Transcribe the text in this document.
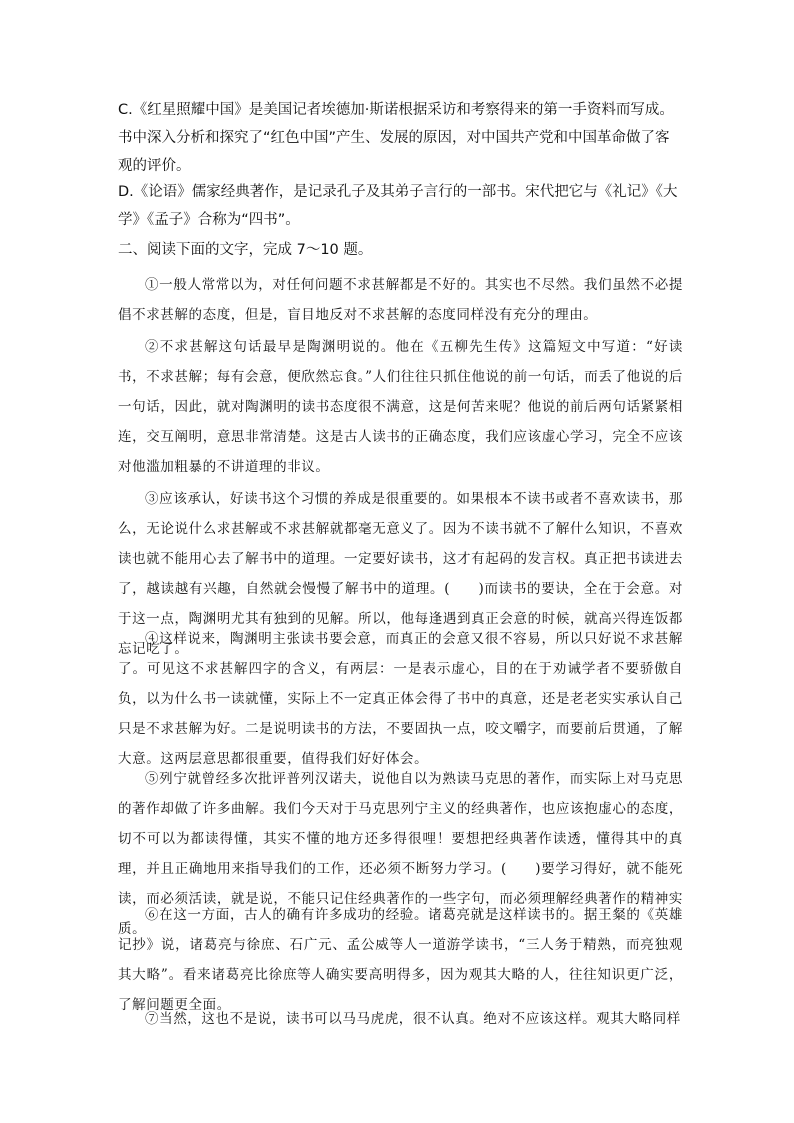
C.《红星照耀中国》是美国记者埃德加·斯诺根据采访和考察得来的第一手资料而写成。书中深入分析和探究了“红色中国”产生、发展的原因，对中国共产党和中国革命做了客观的评价。
D.《论语》儒家经典著作，是记录孔子及其弟子言行的一部书。宋代把它与《礼记》《大学》《孟子》合称为“四书”。
二、阅读下面的文字，完成 7～10 题。
①一般人常常以为，对任何问题不求甚解都是不好的。其实也不尽然。我们虽然不必提倡不求甚解的态度，但是，盲目地反对不求甚解的态度同样没有充分的理由。
②不求甚解这句话最早是陶渊明说的。他在《五柳先生传》这篇短文中写道：“好读书，不求甚解；每有会意，便欣然忘食。”人们往往只抓住他说的前一句话，而丢了他说的后一句话，因此，就对陶渊明的读书态度很不满意，这是何苦来呢？他说的前后两句话紧紧相连，交互阐明，意思非常清楚。这是古人读书的正确态度，我们应该虚心学习，完全不应该对他滥加粗暴的不讲道理的非议。
③应该承认，好读书这个习惯的养成是很重要的。如果根本不读书或者不喜欢读书，那么，无论说什么求甚解或不求甚解就都毫无意义了。因为不读书就不了解什么知识，不喜欢读也就不能用心去了解书中的道理。一定要好读书，这才有起码的发言权。真正把书读进去了，越读越有兴趣，自然就会慢慢了解书中的道理。(　　)而读书的要诀，全在于会意。对于这一点，陶渊明尤其有独到的见解。所以，他每逢遇到真正会意的时候，就高兴得连饭都忘记吃了。
④这样说来，陶渊明主张读书要会意，而真正的会意又很不容易，所以只好说不求甚解了。可见这不求甚解四字的含义，有两层：一是表示虚心，目的在于劝诫学者不要骄傲自负，以为什么书一读就懂，实际上不一定真正体会得了书中的真意，还是老老实实承认自己只是不求甚解为好。二是说明读书的方法，不要固执一点，咬文嚼字，而要前后贯通，了解大意。这两层意思都很重要，值得我们好好体会。
⑤列宁就曾经多次批评普列汉诺夫，说他自以为熟读马克思的著作，而实际上对马克思的著作却做了许多曲解。我们今天对于马克思列宁主义的经典著作，也应该抱虚心的态度，切不可以为都读得懂，其实不懂的地方还多得很哩！要想把经典著作读透，懂得其中的真理，并且正确地用来指导我们的工作，还必须不断努力学习。(　　)要学习得好，就不能死读，而必须活读，就是说，不能只记住经典著作的一些字句，而必须理解经典著作的精神实质。
⑥在这一方面，古人的确有许多成功的经验。诸葛亮就是这样读书的。据王粲的《英雄记抄》说，诸葛亮与徐庶、石广元、孟公威等人一道游学读书，“三人务于精熟，而亮独观其大略”。看来诸葛亮比徐庶等人确实要高明得多，因为观其大略的人，往往知识更广泛，了解问题更全面。
⑦当然，这也不是说，读书可以马马虎虎，很不认真。绝对不应该这样。观其大略同样
